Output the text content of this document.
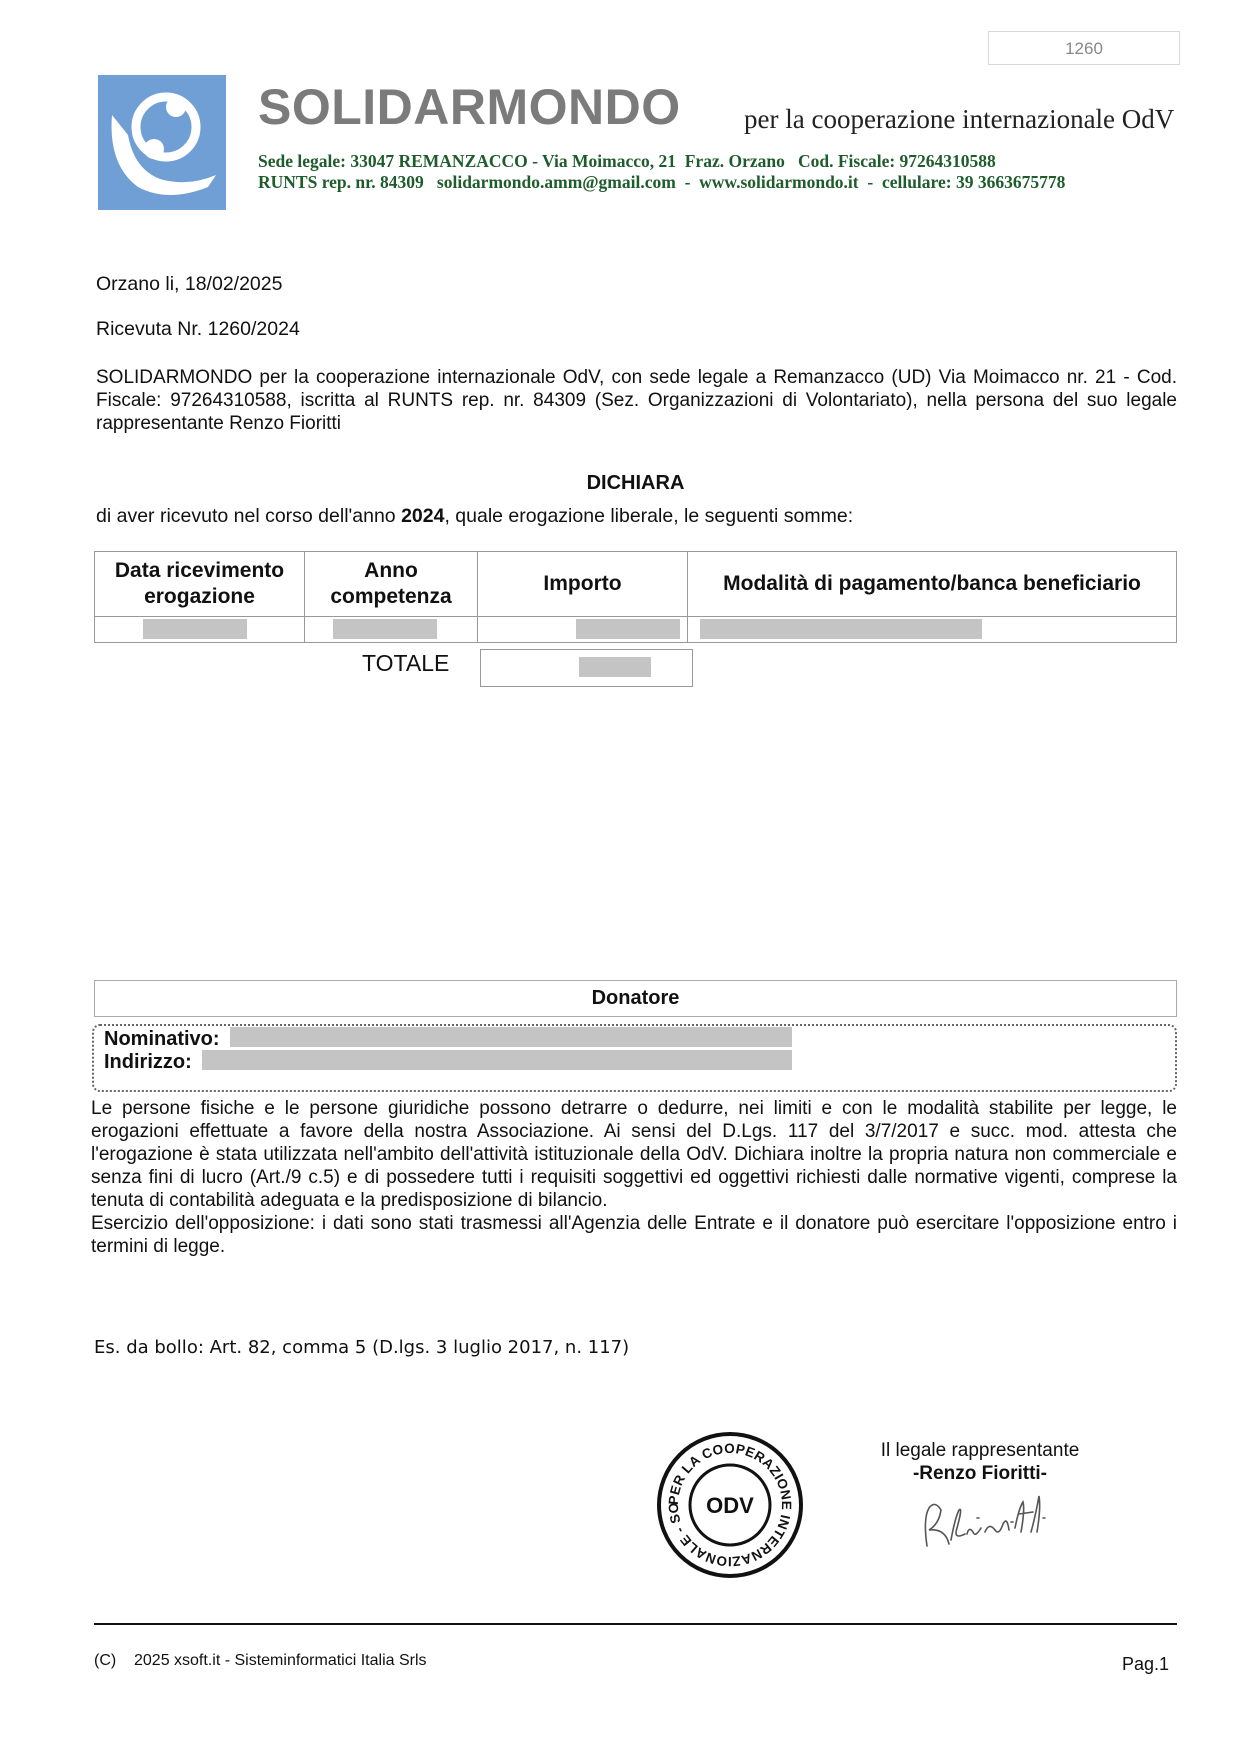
1260
SOLIDARMONDO per la cooperazione internazionale OdV
Sede legale: 33047 REMANZACCO - Via Moimacco, 21  Fraz. Orzano   Cod. Fiscale: 97264310588
RUNTS rep. nr. 84309   solidarmondo.amm@gmail.com  -  www.solidarmondo.it  -  cellulare: 39 3663675778
Orzano li, 18/02/2025
Ricevuta Nr. 1260/2024
SOLIDARMONDO per la cooperazione internazionale OdV, con sede legale a Remanzacco (UD) Via Moimacco nr. 21 - Cod. Fiscale: 97264310588, iscritta al RUNTS rep. nr. 84309 (Sez. Organizzazioni di Volontariato), nella persona del suo legale rappresentante Renzo Fioritti
DICHIARA
di aver ricevuto nel corso dell'anno 2024, quale erogazione liberale, le seguenti somme:
Data ricevimento erogazione	Anno competenza	Importo	Modalità di pagamento/banca beneficiario

TOTALE
Donatore
Nominativo:
Indirizzo:
Le persone fisiche e le persone giuridiche possono detrarre o dedurre, nei limiti e con le modalità stabilite per legge, le erogazioni effettuate a favore della nostra Associazione. Ai sensi del D.Lgs. 117 del 3/7/2017 e succ. mod. attesta che l'erogazione è stata utilizzata nell'ambito dell'attività istituzionale della OdV. Dichiara inoltre la propria natura non commerciale e senza fini di lucro (Art./9 c.5) e di possedere tutti i requisiti soggettivi ed oggettivi richiesti dalle normative vigenti, comprese la tenuta di contabilità adeguata e la predisposizione di bilancio.
Esercizio dell'opposizione: i dati sono stati trasmessi all'Agenzia delle Entrate e il donatore può esercitare l'opposizione entro i termini di legge.
Es. da bollo: Art. 82, comma 5 (D.lgs. 3 luglio 2017, n. 117)
PER LA COOPERAZIONE INTERNAZIONALE - SO	ODV
Il legale rappresentante
-Renzo Fioritti-
(C)    2025 xsoft.it - Sisteminformatici Italia Srls	Pag.1
